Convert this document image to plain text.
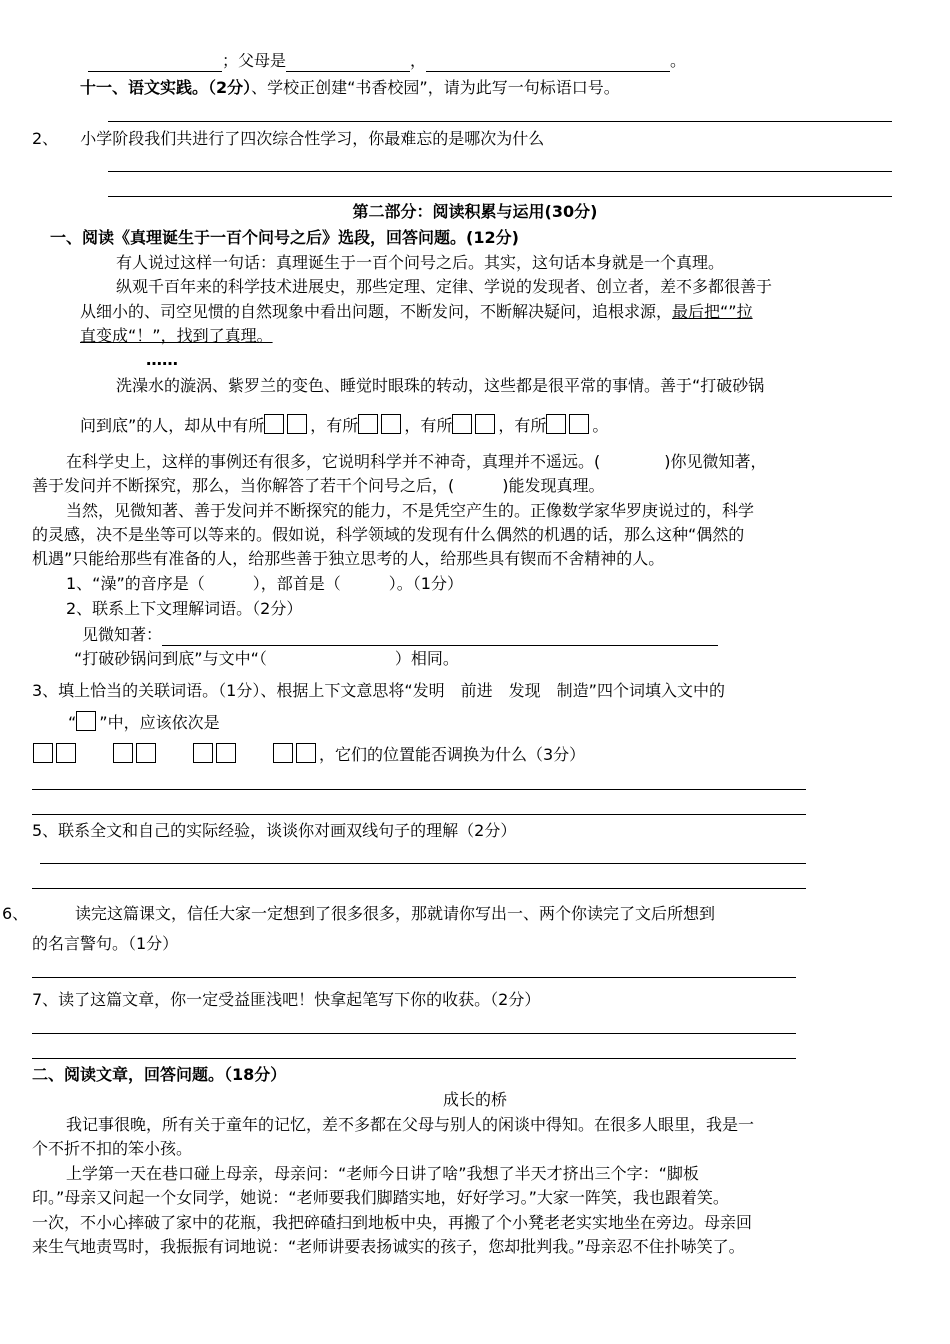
；父母是	，	。
十一、语文实践。（2分）、学校正创建“书香校园”，请为此写一句标语口号。
2、 小学阶段我们共进行了四次综合性学习，你最难忘的是哪次为什么
第二部分：阅读积累与运用(30分)
一、阅读《真理诞生于一百个问号之后》选段，回答问题。(12分)
有人说过这样一句话：真理诞生于一百个问号之后。其实，这句话本身就是一个真理。
纵观千百年来的科学技术进展史，那些定理、定律、学说的发现者、创立者，差不多都很善于
从细小的、司空见惯的自然现象中看出问题，不断发问，不断解决疑问，追根求源，最后把“”拉
直变成“！”，找到了真理。
……
洗澡水的漩涡、紫罗兰的变色、睡觉时眼珠的转动，这些都是很平常的事情。善于“打破砂锅
问到底”的人，却从中有所	，有所	，有所	，有所	。
在科学史上，这样的事例还有很多，它说明科学并不神奇，真理并不遥远。(　　　　)你见微知著，
善于发问并不断探究，那么，当你解答了若干个问号之后，(　　　)能发现真理。
当然，见微知著、善于发问并不断探究的能力，不是凭空产生的。正像数学家华罗庚说过的，科学
的灵感，决不是坐等可以等来的。假如说，科学领域的发现有什么偶然的机遇的话，那么这种“偶然的
机遇”只能给那些有准备的人，给那些善于独立思考的人，给那些具有锲而不舍精神的人。
1、“澡”的音序是（　　　），部首是（　　　）。（1分）
2、联系上下文理解词语。（2分）
见微知著：
“打破砂锅问到底”与文中“（　　　　　　　　）相同。
3、填上恰当的关联词语。（1分）、根据上下文意思将“发明　前进　发现　制造”四个词填入文中的
“ ”中，应该依次是
，它们的位置能否调换为什么（3分）
5、联系全文和自己的实际经验，谈谈你对画双线句子的理解（2分）
6、	读完这篇课文，信任大家一定想到了很多很多，那就请你写出一、两个你读完了文后所想到
的名言警句。（1分）
7、读了这篇文章，你一定受益匪浅吧！快拿起笔写下你的收获。（2分）
二、阅读文章，回答问题。（18分）
成长的桥
我记事很晚，所有关于童年的记忆，差不多都在父母与别人的闲谈中得知。在很多人眼里，我是一
个不折不扣的笨小孩。
上学第一天在巷口碰上母亲，母亲问：“老师今日讲了啥”我想了半天才挤出三个字：“脚板
印。”母亲又问起一个女同学，她说：“老师要我们脚踏实地，好好学习。”大家一阵笑，我也跟着笑。
一次，不小心摔破了家中的花瓶，我把碎碴扫到地板中央，再搬了个小凳老老实实地坐在旁边。母亲回
来生气地责骂时，我振振有词地说：“老师讲要表扬诚实的孩子，您却批判我。”母亲忍不住扑哧笑了。
